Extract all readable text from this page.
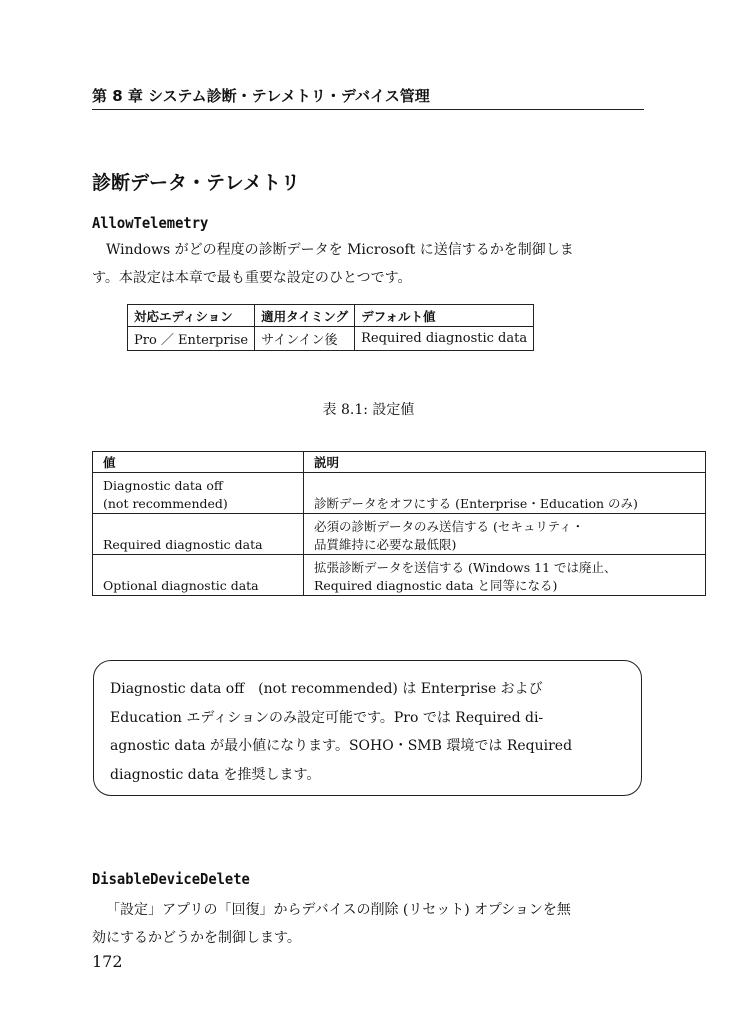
第 8 章 システム診断・テレメトリ・デバイス管理
診断データ・テレメトリ
AllowTelemetry

Windows がどの程度の診断データを Microsoft に送信するかを制御しま
す。本設定は本章で最も重要な設定のひとつです。

対応エディション	適用タイミング	デフォルト値
Pro ／ Enterprise	サインイン後	Required diagnostic data
表 8.1: 設定値
値	説明

Diagnostic data off
(not recommended)	診断データをオフにする (Enterprise・Education のみ)

Required diagnostic data	必須の診断データのみ送信する (セキュリティ・
品質維持に必要な最低限)

Optional diagnostic data	拡張診断データを送信する (Windows 11 では廃止、
Required diagnostic data と同等になる)

Diagnostic data off　(not recommended) は Enterprise および

Education エディションのみ設定可能です。Pro では Required di-

agnostic data が最小値になります。SOHO・SMB 環境では Required

diagnostic data を推奨します。

DisableDeviceDelete

「設定」アプリの「回復」からデバイスの削除 (リセット) オプションを無
効にするかどうかを制御します。

172
